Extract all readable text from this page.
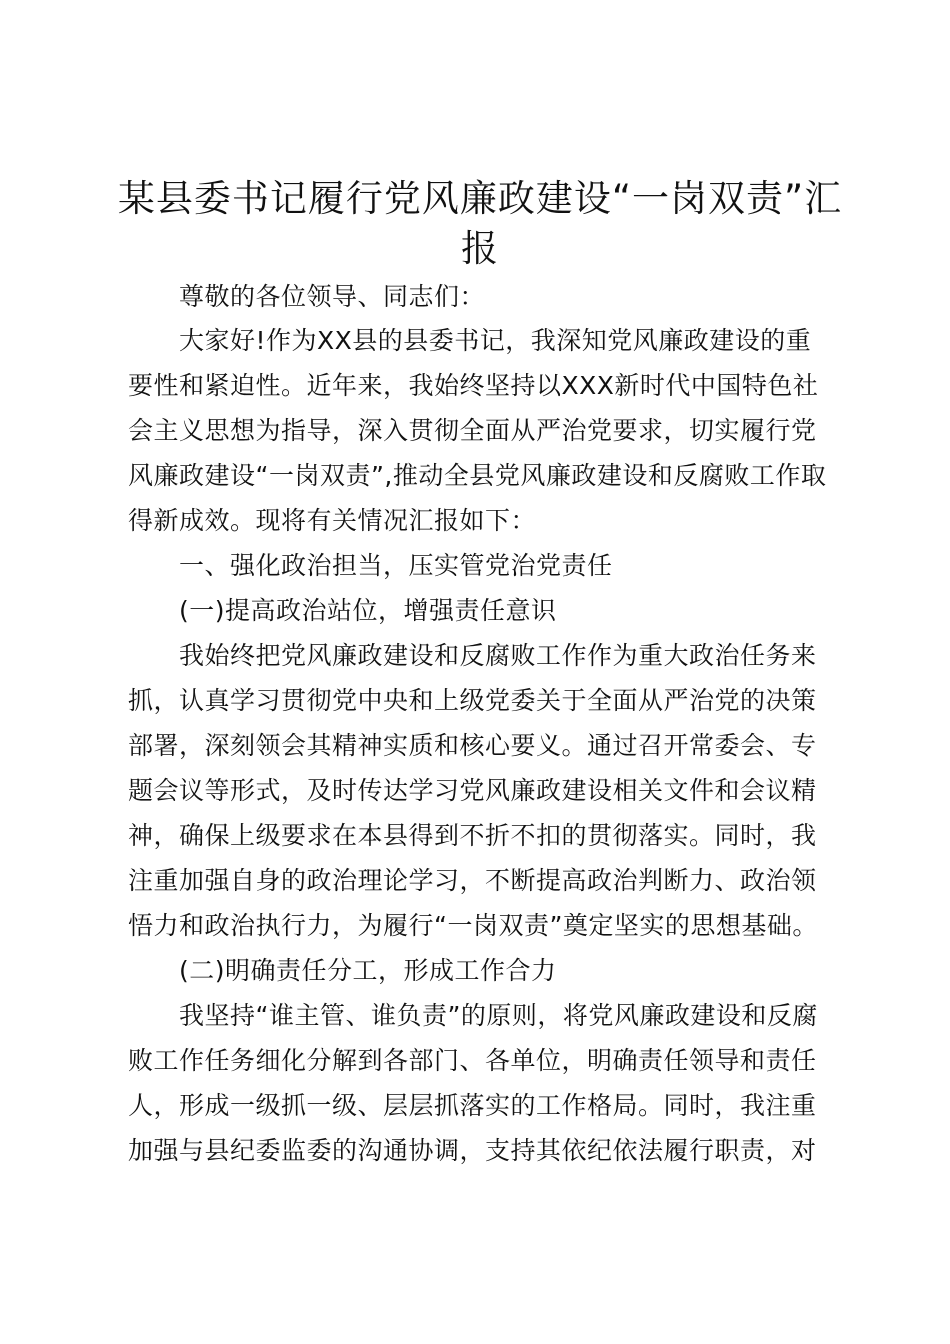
某县委书记履行党风廉政建设“一岗双责”汇
报
　　尊敬的各位领导、同志们：
　　大家好!作为XX县的县委书记，我深知党风廉政建设的重
要性和紧迫性。近年来，我始终坚持以XXX新时代中国特色社
会主义思想为指导，深入贯彻全面从严治党要求，切实履行党
风廉政建设“一岗双责”,推动全县党风廉政建设和反腐败工作取
得新成效。现将有关情况汇报如下：
　　一、强化政治担当，压实管党治党责任
　　(一)提高政治站位，增强责任意识
　　我始终把党风廉政建设和反腐败工作作为重大政治任务来
抓，认真学习贯彻党中央和上级党委关于全面从严治党的决策
部署，深刻领会其精神实质和核心要义。通过召开常委会、专
题会议等形式，及时传达学习党风廉政建设相关文件和会议精
神，确保上级要求在本县得到不折不扣的贯彻落实。同时，我
注重加强自身的政治理论学习，不断提高政治判断力、政治领
悟力和政治执行力，为履行“一岗双责”奠定坚实的思想基础。
　　(二)明确责任分工，形成工作合力
　　我坚持“谁主管、谁负责”的原则，将党风廉政建设和反腐
败工作任务细化分解到各部门、各单位，明确责任领导和责任
人，形成一级抓一级、层层抓落实的工作格局。同时，我注重
加强与县纪委监委的沟通协调，支持其依纪依法履行职责，对
